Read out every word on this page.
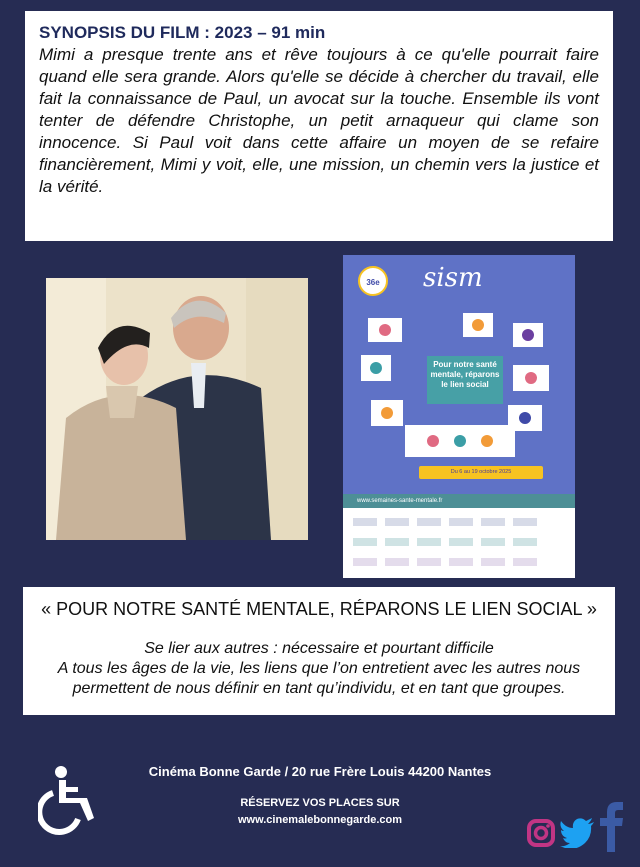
SYNOPSIS DU FILM : 2023 – 91 min

Mimi a presque trente ans et rêve toujours à ce qu'elle pourrait faire quand elle sera grande. Alors qu'elle se décide à chercher du travail, elle fait la connaissance de Paul, un avocat sur la touche. Ensemble ils vont tenter de défendre Christophe, un petit arnaqueur qui clame son innocence. Si Paul voit dans cette affaire un moyen de se refaire financièrement, Mimi y voit, elle, une mission, un chemin vers la justice et la vérité.

36e	sism
Pour notre santé mentale, réparons le lien social
Du 6 au 19 octobre 2025
www.semaines-sante-mentale.fr

« POUR NOTRE SANTÉ MENTALE, RÉPARONS LE LIEN SOCIAL »

Se lier aux autres : nécessaire et pourtant difficile

A tous les âges de la vie, les liens que l’on entretient avec les autres nous

permettent de nous définir en tant qu’individu, et en tant que groupes.

Cinéma Bonne Garde / 20 rue Frère Louis 44200 Nantes
RÉSERVEZ VOS PLACES SUR
www.cinemalebonnegarde.com
